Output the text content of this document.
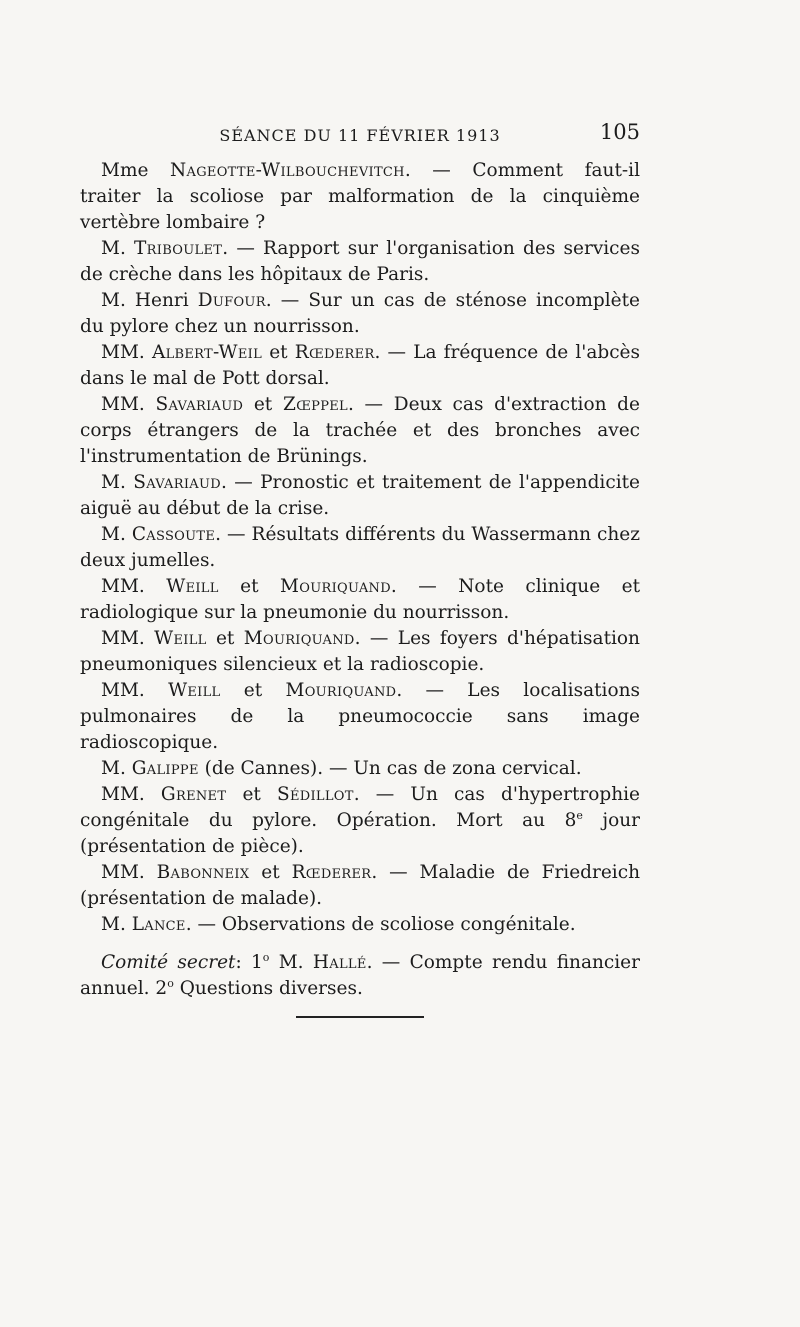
SÉANCE DU 11 FÉVRIER 1913	105

Mme Nageotte-Wilbouchevitch. — Comment faut-il traiter la scoliose par malformation de la cinquième vertèbre lombaire ?

M. Triboulet. — Rapport sur l'organisation des services de crèche dans les hôpitaux de Paris.

M. Henri Dufour. — Sur un cas de sténose incomplète du pylore chez un nourrisson.

MM. Albert-Weil et Rœderer. — La fréquence de l'abcès dans le mal de Pott dorsal.

MM. Savariaud et Zœppel. — Deux cas d'extraction de corps étrangers de la trachée et des bronches avec l'instrumentation de Brünings.

M. Savariaud. — Pronostic et traitement de l'appendicite aiguë au début de la crise.

M. Cassoute. — Résultats différents du Wassermann chez deux jumelles.

MM. Weill et Mouriquand. — Note clinique et radiologique sur la pneumonie du nourrisson.

MM. Weill et Mouriquand. — Les foyers d'hépatisation pneumoniques silencieux et la radioscopie.

MM. Weill et Mouriquand. — Les localisations pulmonaires de la pneumococcie sans image radioscopique.

M. Galippe (de Cannes). — Un cas de zona cervical.

MM. Grenet et Sédillot. — Un cas d'hypertrophie congénitale du pylore. Opération. Mort au 8e jour (présentation de pièce).

MM. Babonneix et Rœderer. — Maladie de Friedreich (présentation de malade).

M. Lance. — Observations de scoliose congénitale.

Comité secret: 1$^o$ M. Hallé. — Compte rendu financier annuel. 2$^o$ Questions diverses.
